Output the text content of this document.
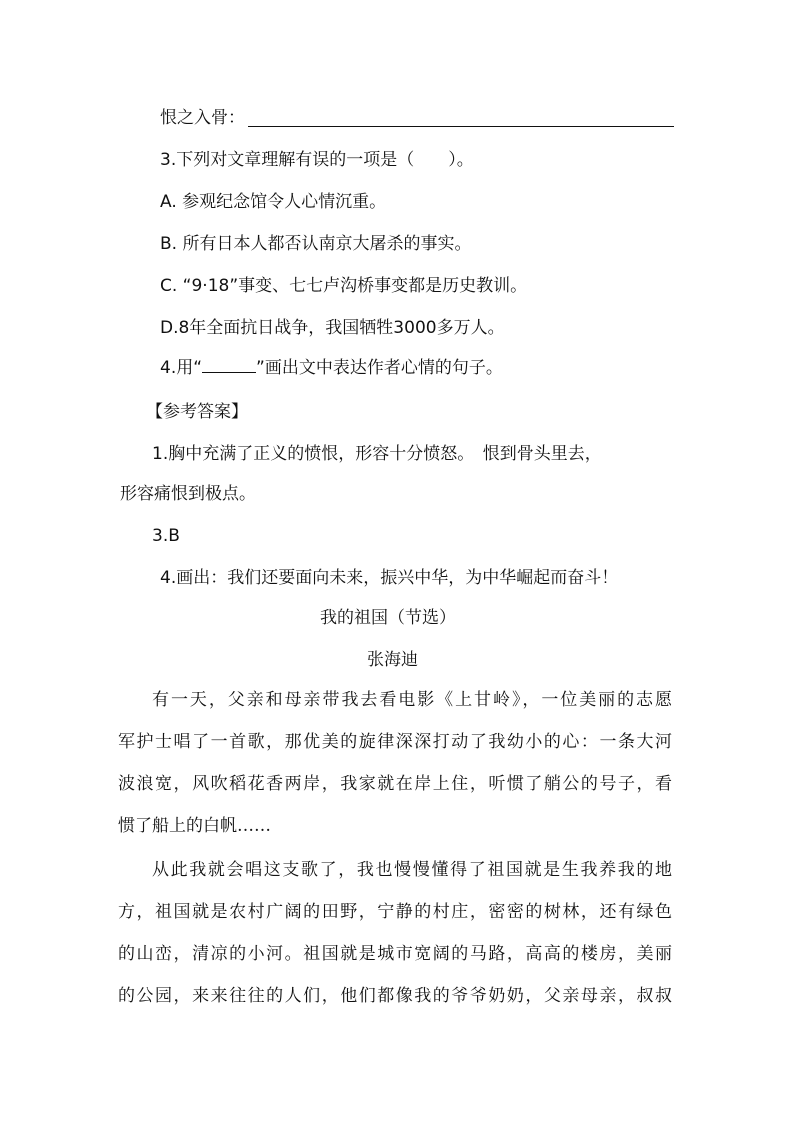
恨之入骨：
3.下列对文章理解有误的一项是（　　）。
A. 参观纪念馆令人心情沉重。
B. 所有日本人都否认南京大屠杀的事实。
C. “9·18”事变、七七卢沟桥事变都是历史教训。
D.8年全面抗日战争，我国牺牲3000多万人。
4.用“	”画出文中表达作者心情的句子。
【参考答案】
1.胸中充满了正义的愤恨，形容十分愤怒。　恨到骨头里去，
形容痛恨到极点。
3.B
4.画出：我们还要面向未来，振兴中华，为中华崛起而奋斗！
我的祖国（节选）
张海迪
有一天，父亲和母亲带我去看电影《上甘岭》，一位美丽的志愿
军护士唱了一首歌，那优美的旋律深深打动了我幼小的心：一条大河
波浪宽，风吹稻花香两岸，我家就在岸上住，听惯了艄公的号子，看
惯了船上的白帆……
从此我就会唱这支歌了，我也慢慢懂得了祖国就是生我养我的地
方，祖国就是农村广阔的田野，宁静的村庄，密密的树林，还有绿色
的山峦，清凉的小河。祖国就是城市宽阔的马路，高高的楼房，美丽
的公园，来来往往的人们，他们都像我的爷爷奶奶，父亲母亲，叔叔
